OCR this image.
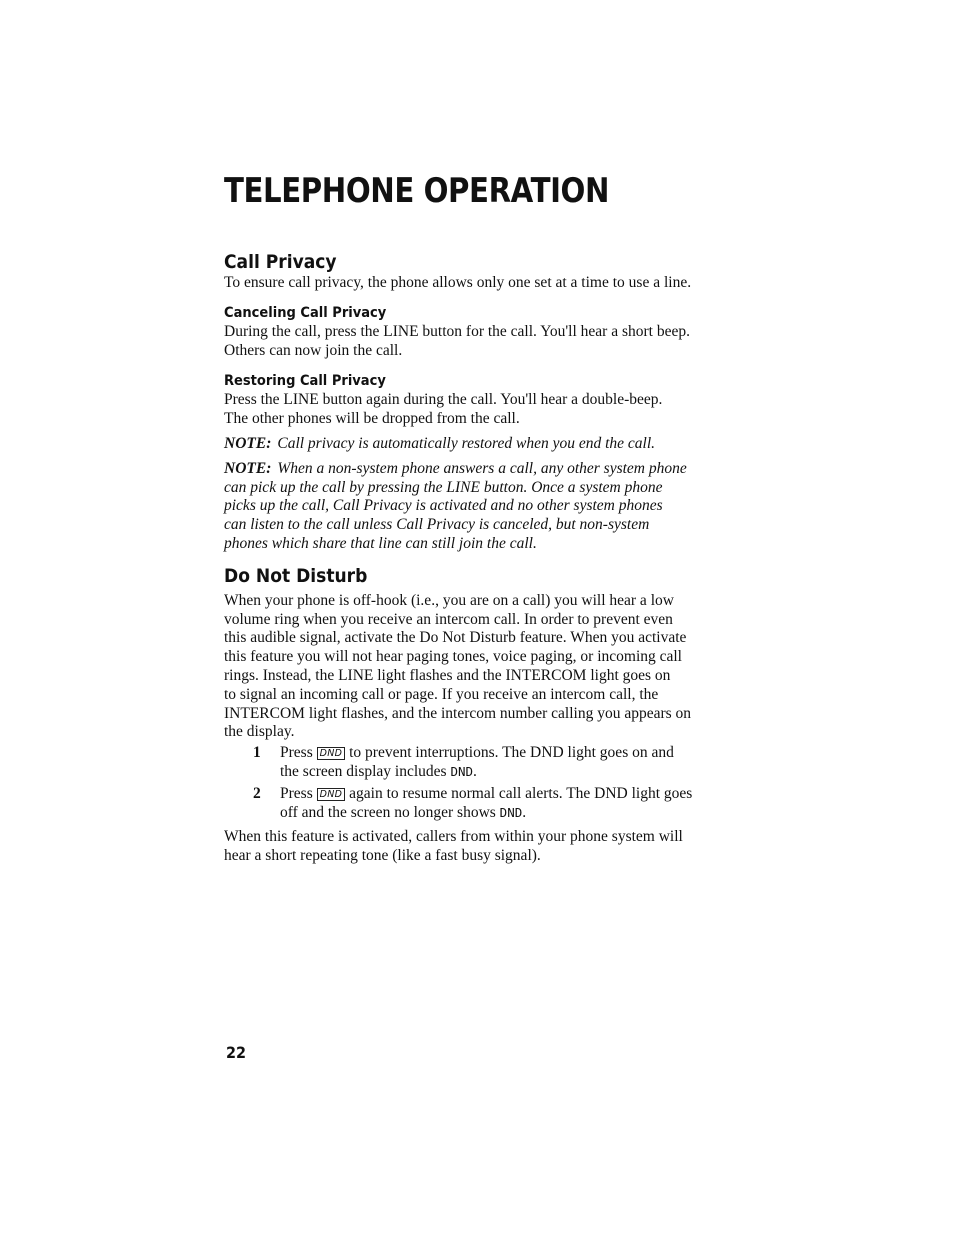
TELEPHONE OPERATION
Call Privacy

To ensure call privacy, the phone allows only one set at a time to use a line.

Canceling Call Privacy

During the call, press the LINE button for the call. You'll hear a short beep.

Others can now join the call.

Restoring Call Privacy

Press the LINE button again during the call. You'll hear a double-beep.

The other phones will be dropped from the call.

NOTE: Call privacy is automatically restored when you end the call.

NOTE: When a non-system phone answers a call, any other system phone
can pick up the call by pressing the LINE button. Once a system phone
picks up the call, Call Privacy is activated and no other system phones
can listen to the call unless Call Privacy is canceled, but non-system
phones which share that line can still join the call.
Do Not Disturb

When your phone is off-hook (i.e., you are on a call) you will hear a low

volume ring when you receive an intercom call. In order to prevent even

this audible signal, activate the Do Not Disturb feature. When you activate

this feature you will not hear paging tones, voice paging, or incoming call

rings. Instead, the LINE light flashes and the INTERCOM light goes on

to signal an incoming call or page. If you receive an intercom call, the

INTERCOM light flashes, and the intercom number calling you appears on

the display.

1 Press DND to prevent interruptions. The DND light goes on and
the screen display includes DND.
2 Press DND again to resume normal call alerts. The DND light goes
off and the screen no longer shows DND.

When this feature is activated, callers from within your phone system will

hear a short repeating tone (like a fast busy signal).

22
